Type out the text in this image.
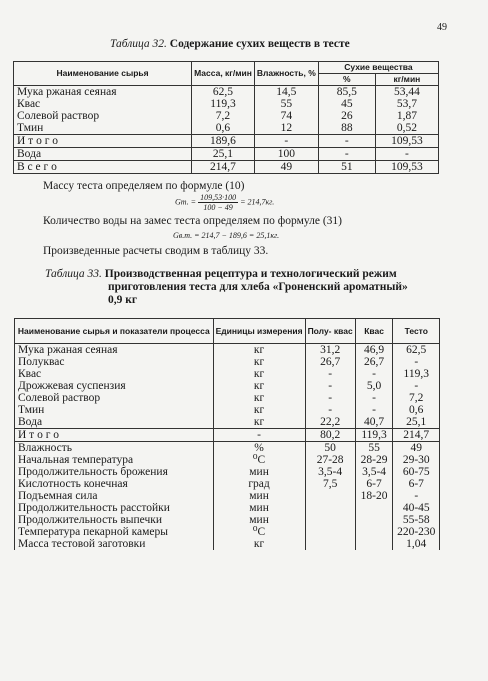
49
Таблица 32. Содержание сухих веществ в тесте
Наименование сырья	Масса, кг/мин	Влажность, %	Сухие вещества	
			%	кг/мин
Мука ржаная сеяная	62,5	14,5	85,5	53,44
Квас	119,3	55	45	53,7
Солевой раствор	7,2	74	26	1,87
Тмин	0,6	12	88	0,52
И т о г о	189,6	-	-	109,53
Вода	25,1	100	-	-
В с е г о	214,7	49	51	109,53
Массу теста определяем по формуле (10)
Gт. = $\frac{109,53\cdot 100}{100 - 49} = 214,7кг$.
Количество воды на замес теста определяем по формуле (31)
Gв.т. = 214,7 − 189,6 = 25,1кг.
Произведенные расчеты сводим в таблицу 33.
Таблица 33. Производственная рецептура и технологический режим
приготовления теста для хлеба «Гроненский ароматный»
0,9 кг
Наименование сырья и показатели процесса	Единицы измерения	Полу- квас	Квас	Тесто
Мука ржаная сеяная	кг	31,2	46,9	62,5
Полуквас	кг	26,7	26,7	-
Квас	кг	-	-	119,3
Дрожжевая суспензия	кг	-	5,0	-
Солевой раствор	кг	-	-	7,2
Тмин	кг	-	-	0,6
Вода	кг	22,2	40,7	25,1
И т о г о	-	80,2	119,3	214,7
Влажность	%	50	55	49
Начальная температура	⁰С	27-28	28-29	29-30
Продолжительность брожения	мин	3,5-4	3,5-4	60-75
Кислотность конечная	град	7,5	6-7	6-7
Подъемная сила	мин		18-20	-
Продолжительность расстойки	мин			40-45
Продолжительность выпечки	мин			55-58
Температура пекарной камеры	⁰С			220-230
Масса тестовой заготовки	кг			1,04
